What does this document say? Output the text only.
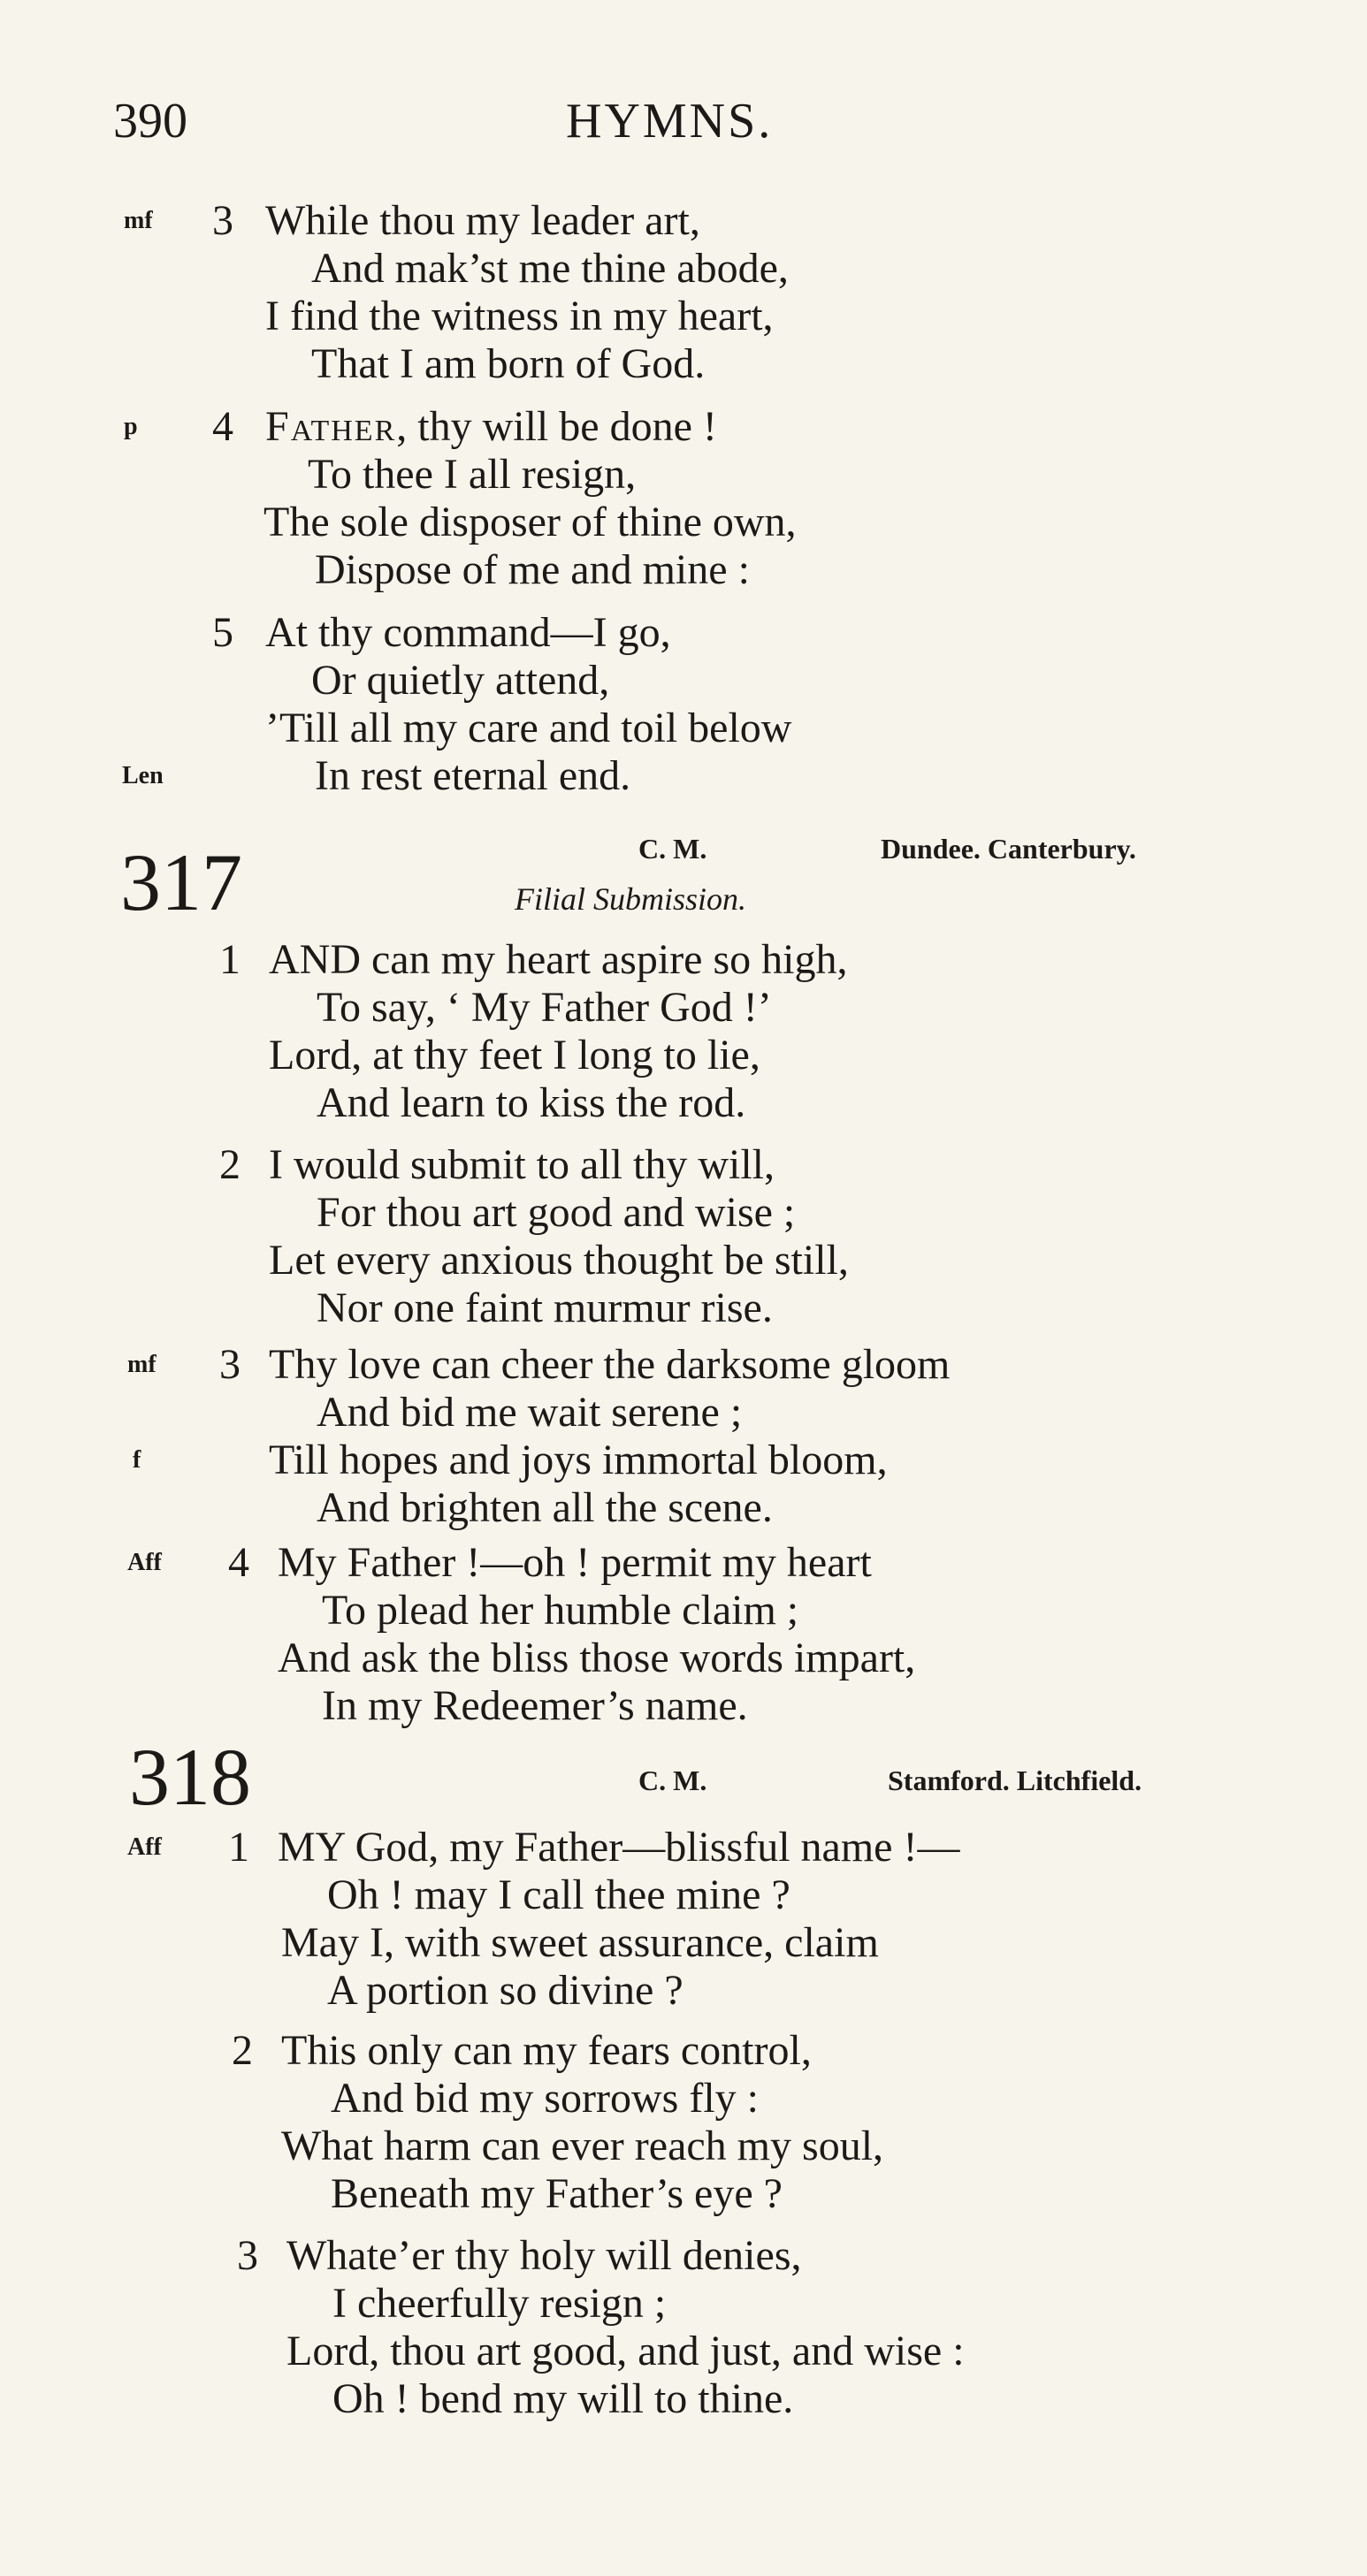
390	HYMNS.
mf 3 While thou my leader art,
And mak’st me thine abode,
I find the witness in my heart,
That I am born of God.
p 4 Father, thy will be done !
To thee I all resign,
The sole disposer of thine own,
Dispose of me and mine :
5 At thy command—I go,
Or quietly attend,
’Till all my care and toil below
Len	In rest eternal end.
317	C. M.	Dundee. Canterbury.
Filial Submission.
1 AND can my heart aspire so high,
To say, ‘ My Father God !’
Lord, at thy feet I long to lie,
And learn to kiss the rod.
2 I would submit to all thy will,
For thou art good and wise ;
Let every anxious thought be still,
Nor one faint murmur rise.
mf 3 Thy love can cheer the darksome gloom
And bid me wait serene ;
f	Till hopes and joys immortal bloom,
And brighten all the scene.
Aff 4 My Father !—oh ! permit my heart
To plead her humble claim ;
And ask the bliss those words impart,
In my Redeemer’s name.
318	C. M.	Stamford. Litchfield.
Aff 1 MY God, my Father—blissful name !—
Oh ! may I call thee mine ?
May I, with sweet assurance, claim
A portion so divine ?
2 This only can my fears control,
And bid my sorrows fly :
What harm can ever reach my soul,
Beneath my Father’s eye ?
3 Whate’er thy holy will denies,
I cheerfully resign ;
Lord, thou art good, and just, and wise :
Oh ! bend my will to thine.
